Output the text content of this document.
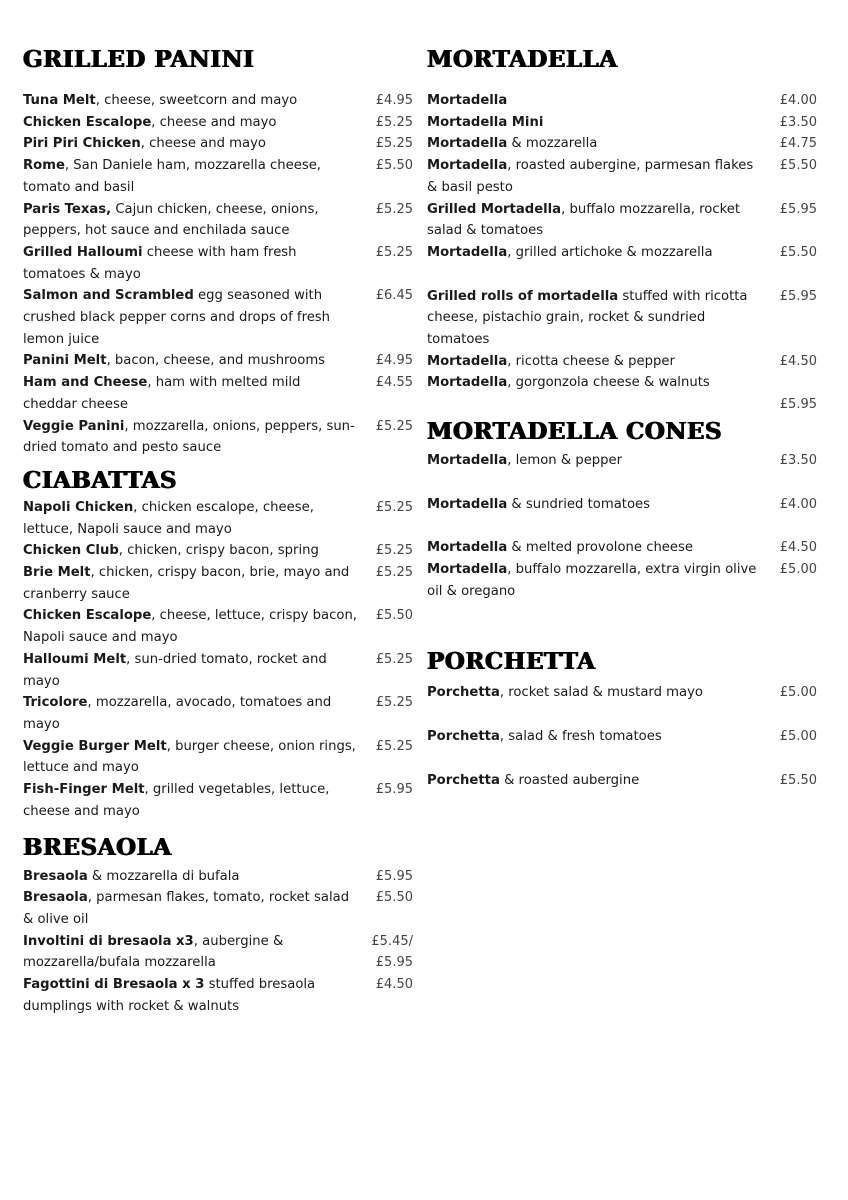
GRILLED PANINI
Tuna Melt, cheese, sweetcorn and mayo	£4.95
Chicken Escalope, cheese and mayo	£5.25
Piri Piri Chicken, cheese and mayo	£5.25
Rome, San Daniele ham, mozzarella cheese, tomato and basil
£5.50
Paris Texas, Cajun chicken, cheese, onions, peppers, hot sauce and enchilada sauce
£5.25
Grilled Halloumi cheese with ham fresh tomatoes & mayo
£5.25
Salmon and Scrambled egg seasoned with crushed black pepper corns and drops of fresh lemon juice
£6.45
Panini Melt, bacon, cheese, and mushrooms	£4.95
Ham and Cheese, ham with melted mild cheddar cheese
£4.55
Veggie Panini, mozzarella, onions, peppers, sun-dried tomato and pesto sauce
£5.25
CIABATTAS
Napoli Chicken, chicken escalope, cheese, lettuce, Napoli sauce and mayo
£5.25
Chicken Club, chicken, crispy bacon, spring	£5.25
Brie Melt, chicken, crispy bacon, brie, mayo and cranberry sauce
£5.25
Chicken Escalope, cheese, lettuce, crispy bacon, Napoli sauce and mayo
£5.50
Halloumi Melt, sun-dried tomato, rocket and mayo
£5.25
Tricolore, mozzarella, avocado, tomatoes and mayo
£5.25
Veggie Burger Melt, burger cheese, onion rings, lettuce and mayo
£5.25
Fish-Finger Melt, grilled vegetables, lettuce, cheese and mayo
£5.95
BRESAOLA
Bresaola & mozzarella di bufala	£5.95
Bresaola, parmesan flakes, tomato, rocket salad & olive oil
£5.50
Involtini di bresaola x3, aubergine & mozzarella/bufala mozzarella
£5.45/
£5.95
Fagottini di Bresaola x 3 stuffed bresaola dumplings with rocket & walnuts
£4.50
MORTADELLA
Mortadella	£4.00
Mortadella Mini	£3.50
Mortadella & mozzarella	£4.75
Mortadella, roasted aubergine, parmesan flakes & basil pesto
£5.50
Grilled Mortadella, buffalo mozzarella, rocket salad & tomatoes
£5.95
Mortadella, grilled artichoke & mozzarella	£5.50
Grilled rolls of mortadella stuffed with ricotta cheese, pistachio grain, rocket & sundried tomatoes
£5.95
Mortadella, ricotta cheese & pepper	£4.50
Mortadella, gorgonzola cheese & walnuts

£5.95
MORTADELLA CONES
Mortadella, lemon & pepper	£3.50
Mortadella & sundried tomatoes	£4.00
Mortadella & melted provolone cheese	£4.50
Mortadella, buffalo mozzarella, extra virgin olive oil & oregano
£5.00
PORCHETTA
Porchetta, rocket salad & mustard mayo	£5.00
Porchetta, salad & fresh tomatoes	£5.00
Porchetta & roasted aubergine	£5.50
